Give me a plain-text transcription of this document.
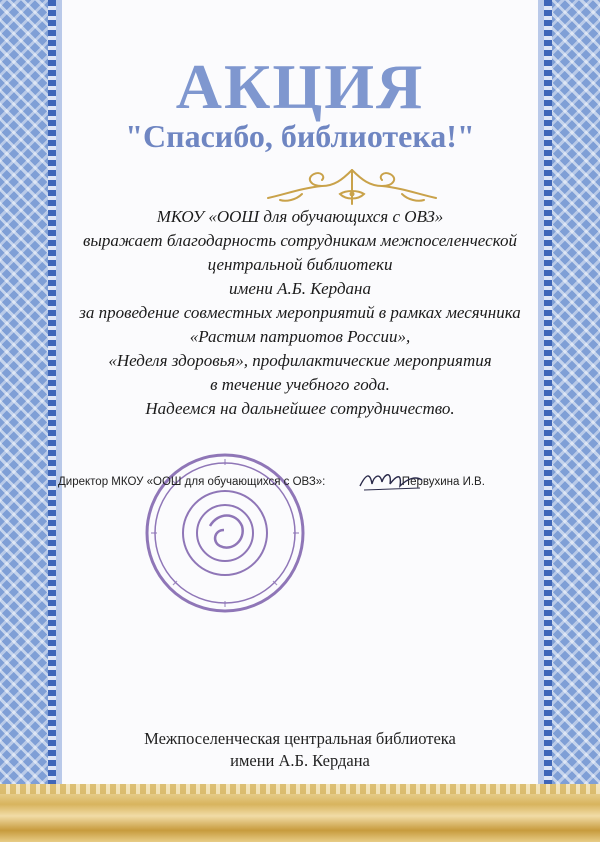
АКЦИЯ
"Спасибо, библиотека!"
МКОУ «ООШ для обучающихся с ОВЗ»
выражает благодарность сотрудникам межпоселенческой
центральной библиотеки
имени А.Б. Кердана
за проведение совместных мероприятий в рамках месячника
«Растим патриотов России»,
«Неделя здоровья», профилактические мероприятия
в течение учебного года.
Надеемся на дальнейшее сотрудничество.
Директор МКОУ «ООШ для обучающихся с ОВЗ»:	Первухина И.В.
Межпоселенческая центральная библиотека
имени А.Б. Кердана
